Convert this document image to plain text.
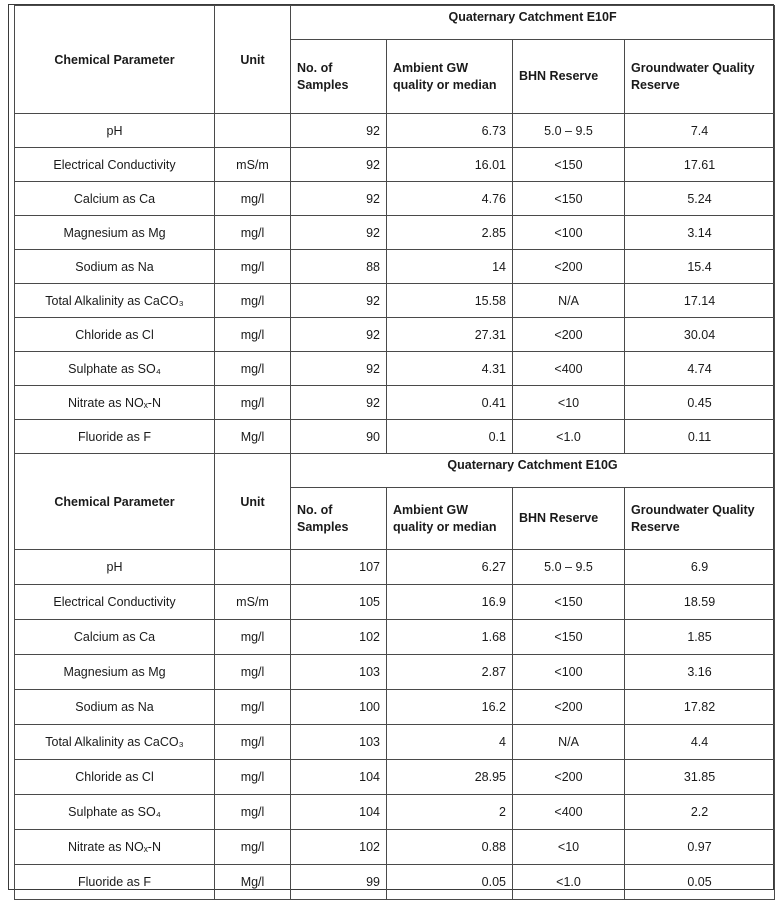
Chemical Parameter	Unit	Quaternary Catchment E10F			
		No. of Samples	Ambient GW quality or median	BHN Reserve	Groundwater Quality Reserve
pH		92	6.73	5.0 – 9.5	7.4
Electrical Conductivity	mS/m	92	16.01	<150	17.61
Calcium as Ca	mg/l	92	4.76	<150	5.24
Magnesium as Mg	mg/l	92	2.85	<100	3.14
Sodium as Na	mg/l	88	14	<200	15.4
Total Alkalinity as CaCO₃	mg/l	92	15.58	N/A	17.14
Chloride as Cl	mg/l	92	27.31	<200	30.04
Sulphate as SO₄	mg/l	92	4.31	<400	4.74
Nitrate as NOₓ-N	mg/l	92	0.41	<10	0.45
Fluoride as F	Mg/l	90	0.1	<1.0	0.11
Chemical Parameter	Unit	Quaternary Catchment E10G			
		No. of Samples	Ambient GW quality or median	BHN Reserve	Groundwater Quality Reserve
pH		107	6.27	5.0 – 9.5	6.9
Electrical Conductivity	mS/m	105	16.9	<150	18.59
Calcium as Ca	mg/l	102	1.68	<150	1.85
Magnesium as Mg	mg/l	103	2.87	<100	3.16
Sodium as Na	mg/l	100	16.2	<200	17.82
Total Alkalinity as CaCO₃	mg/l	103	4	N/A	4.4
Chloride as Cl	mg/l	104	28.95	<200	31.85
Sulphate as SO₄	mg/l	104	2	<400	2.2
Nitrate as NOₓ-N	mg/l	102	0.88	<10	0.97
Fluoride as F	Mg/l	99	0.05	<1.0	0.05
